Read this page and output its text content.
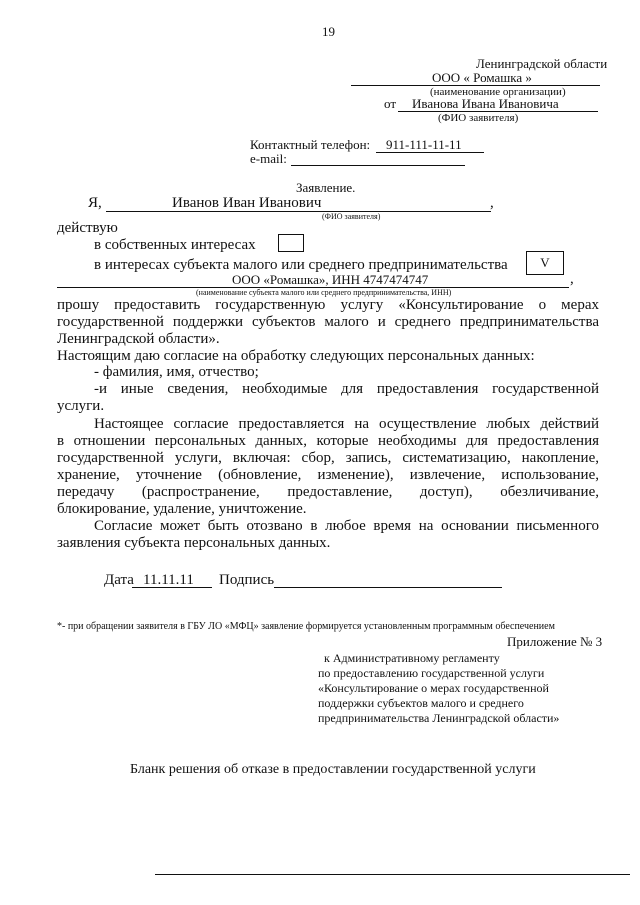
19
Ленинградской области
ООО « Ромашка »
(наименование организации)
от Иванова Ивана Ивановича
(ФИО заявителя)
Контактный телефон: 911-111-11-11
e-mail:
Заявление.
Я,	Иванов Иван Иванович	,
(ФИО заявителя)
действую
в собственных интересах
в интересах субъекта малого или среднего предпринимательства	V
ООО «Ромашка», ИНН 4747474747	,
(наименование субъекта малого или среднего предпринимательства, ИНН)
прошу предоставить государственную услугу «Консультирование о мерах
государственной поддержки субъектов малого и среднего предпринимательства
Ленинградской области».
Настоящим даю согласие на обработку следующих персональных данных:
- фамилия, имя, отчество;
-и иные сведения, необходимые для предоставления государственной
услуги.
Настоящее согласие предоставляется на осуществление любых действий
в отношении персональных данных, которые необходимы для предоставления
государственной услуги, включая: сбор, запись, систематизацию, накопление,
хранение, уточнение (обновление, изменение), извлечение, использование,
передачу (распространение, предоставление, доступ), обезличивание,
блокирование, удаление, уничтожение.
Согласие может быть отозвано в любое время на основании письменного
заявления субъекта персональных данных.
Дата 11.11.11 Подпись
*- при обращении заявителя в ГБУ ЛО «МФЦ» заявление формируется установленным программным обеспечением
Приложение № 3
к Административному регламенту
по предоставлению государственной услуги
«Консультирование о мерах государственной
поддержки субъектов малого и среднего
предпринимательства Ленинградской области»
Бланк решения об отказе в предоставлении государственной услуги
